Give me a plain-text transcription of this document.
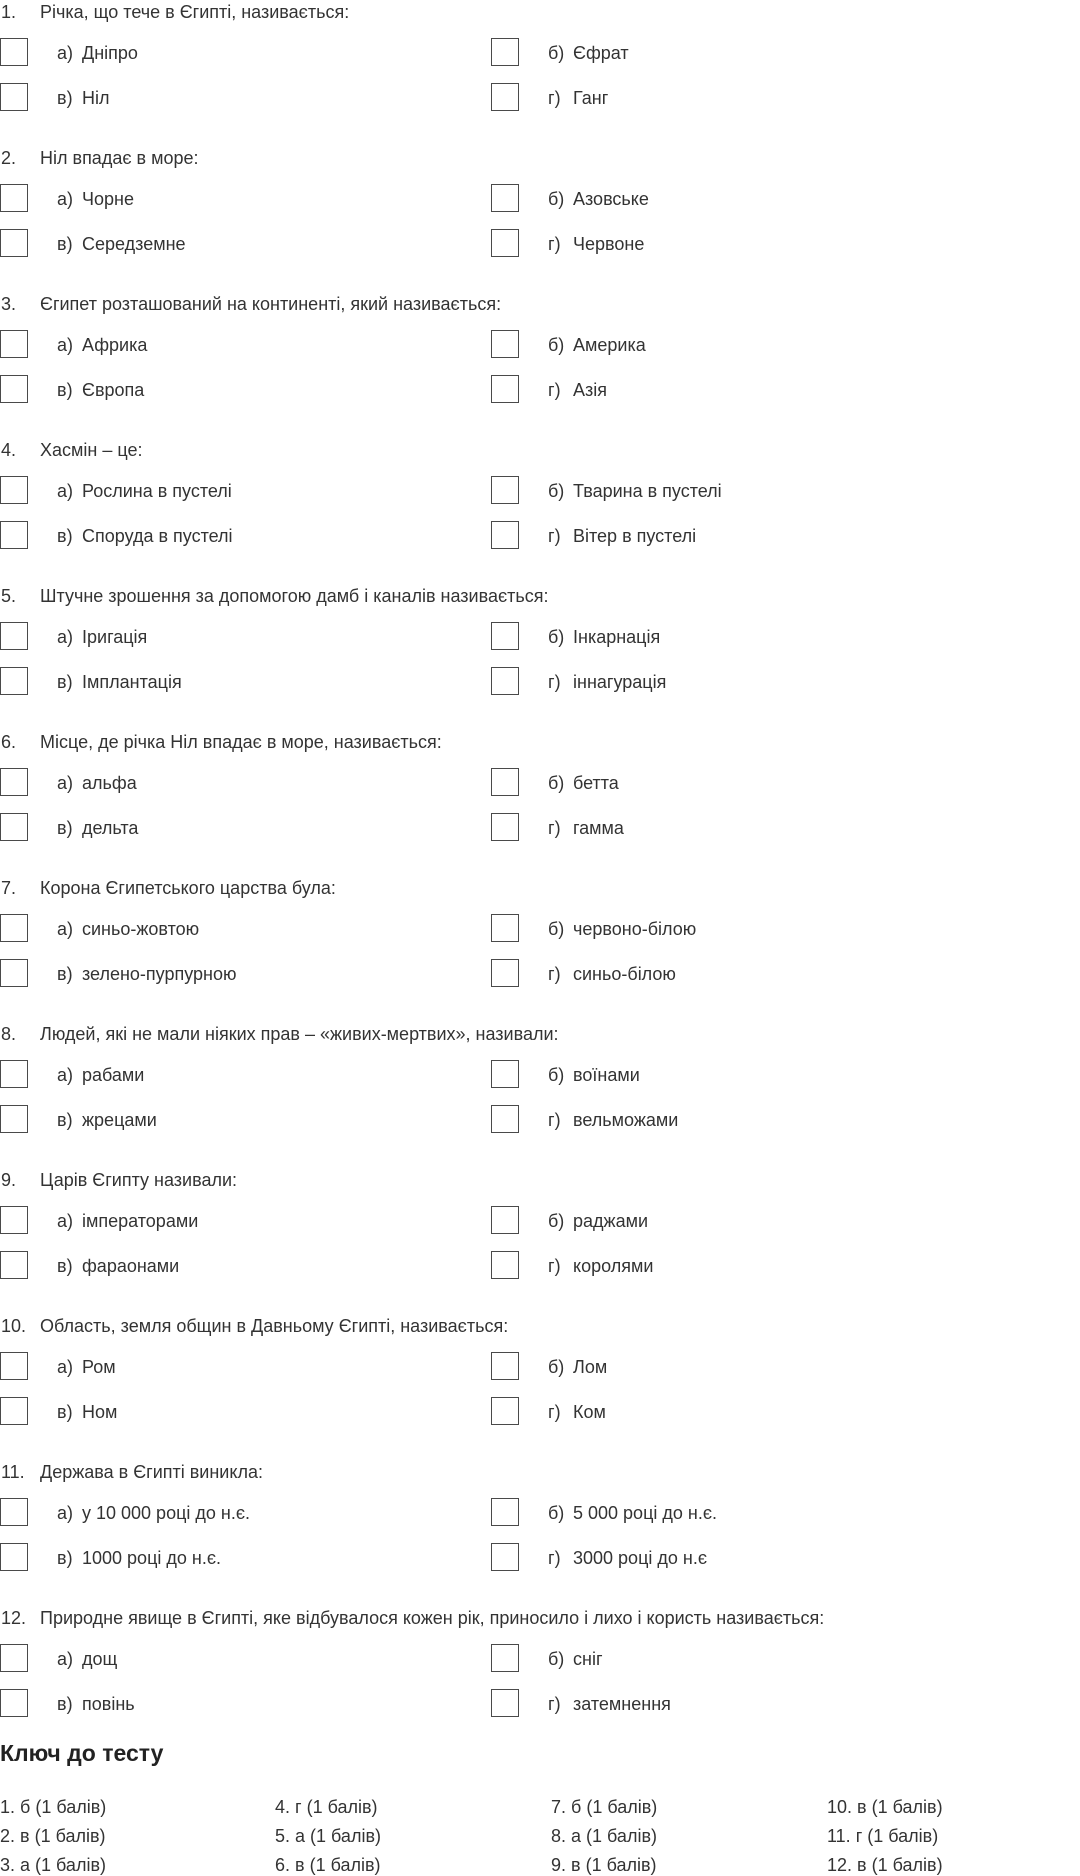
1. Річка, що тече в Єгипті, називається:
а) Дніпро	б) Єфрат
в) Ніл	г) Ганг
2. Ніл впадає в море:
а) Чорне	б) Азовське
в) Середземне	г) Червоне
3. Єгипет розташований на континенті, який називається:
а) Африка	б) Америка
в) Європа	г) Азія
4. Хасмін – це:
а) Рослина в пустелі	б) Тварина в пустелі
в) Споруда в пустелі	г) Вітер в пустелі
5. Штучне зрошення за допомогою дамб і каналів називається:
а) Іригація	б) Інкарнація
в) Імплантація	г) іннагурація
6. Місце, де річка Ніл впадає в море, називається:
а) альфа	б) бетта
в) дельта	г) гамма
7. Корона Єгипетського царства була:
а) синьо-жовтою	б) червоно-білою
в) зелено-пурпурною	г) синьо-білою
8. Людей, які не мали ніяких прав – «живих-мертвих», називали:
а) рабами	б) воїнами
в) жрецами	г) вельможами
9. Царів Єгипту називали:
а) імператорами	б) раджами
в) фараонами	г) королями
10. Область, земля общин в Давньому Єгипті, називається:
а) Ром	б) Лом
в) Ном	г) Ком
11. Держава в Єгипті виникла:
а) у 10 000 році до н.є.	б) 5 000 році до н.є.
в) 1000 році до н.є.	г) 3000 році до н.є
12. Природне явище в Єгипті, яке відбувалося кожен рік, приносило і лихо і користь називається:
а) дощ	б) сніг
в) повінь	г) затемнення
Ключ до тесту
1. б (1 балів)
2. в (1 балів)
3. а (1 балів)
4. г (1 балів)
5. а (1 балів)
6. в (1 балів)
7. б (1 балів)
8. а (1 балів)
9. в (1 балів)
10. в (1 балів)
11. г (1 балів)
12. в (1 балів)
